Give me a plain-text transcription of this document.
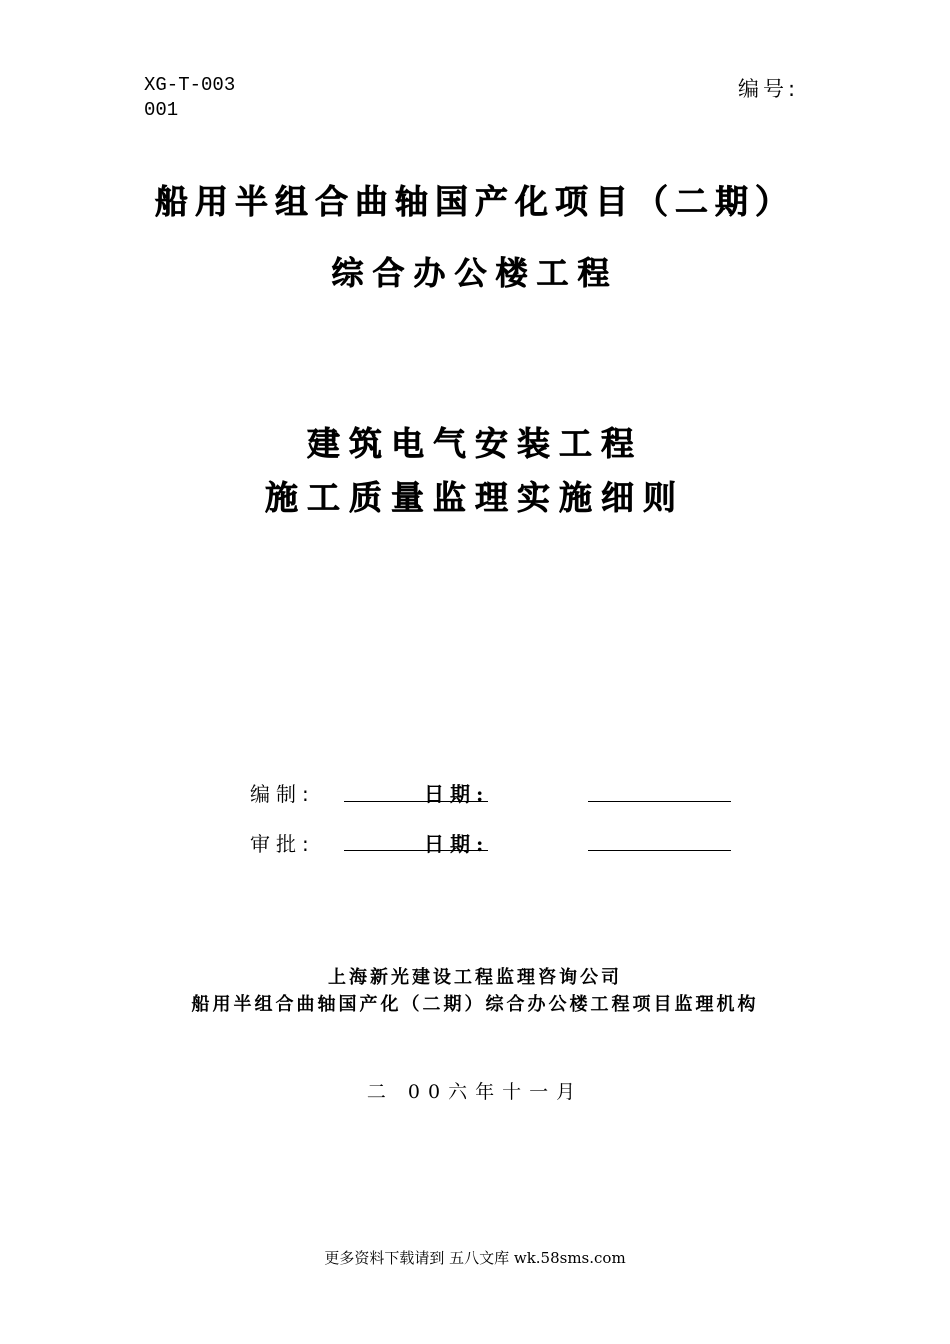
XG-T-003
001
编号:
船用半组合曲轴国产化项目（二期）
综合办公楼工程
建筑电气安装工程
施工质量监理实施细则
编制:	日期:
审批:	日期:
上海新光建设工程监理咨询公司
船用半组合曲轴国产化（二期）综合办公楼工程项目监理机构
二 00六年十一月
更多资料下载请到 五八文库 wk.58sms.com
